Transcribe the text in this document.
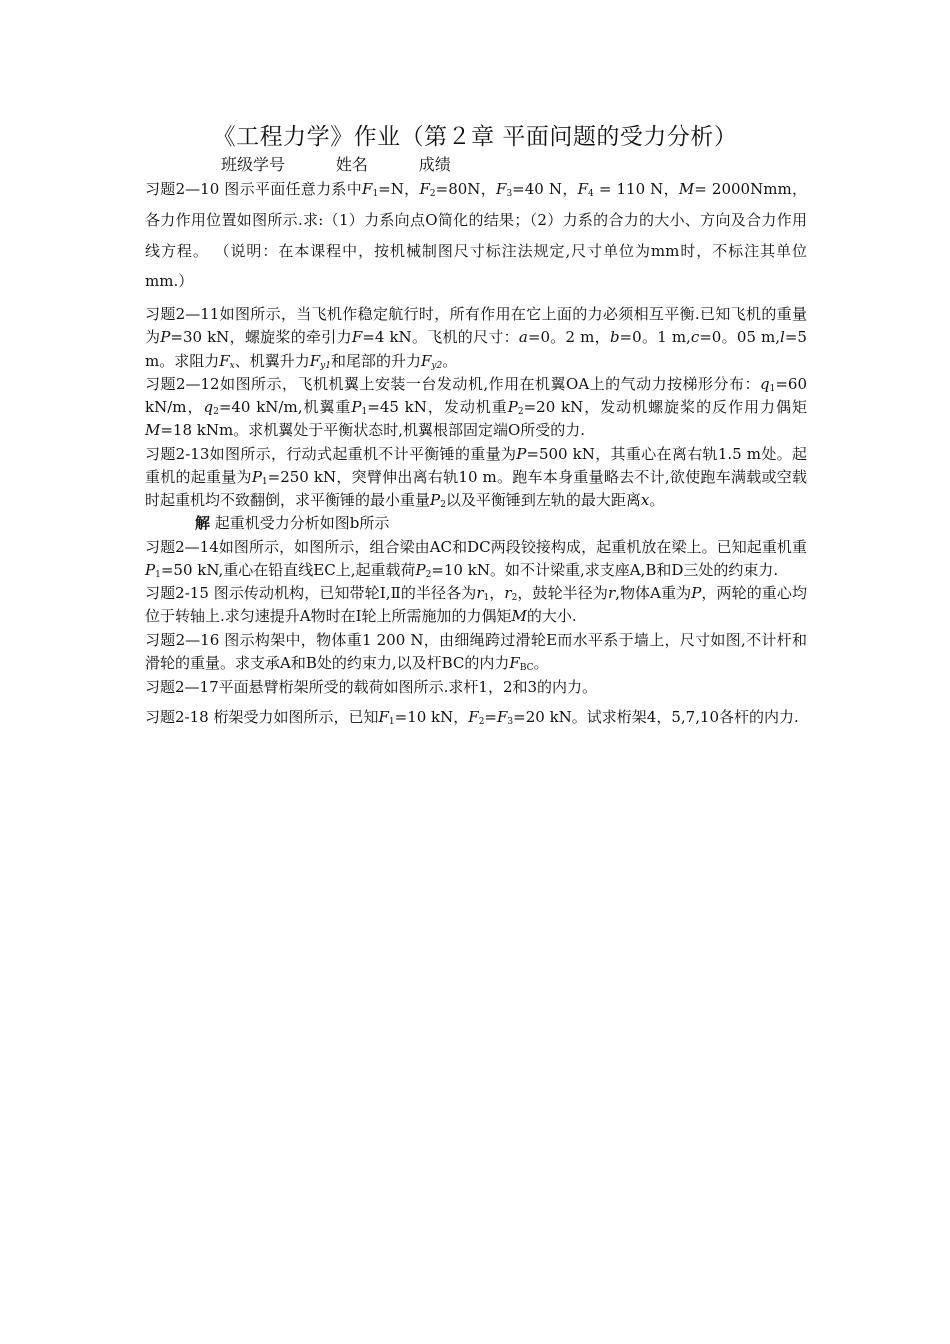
《工程力学》作业（第２章 平面问题的受力分析）
班级学号          姓名          成绩

习题2—10 图示平面任意力系中$F_1=N$，$F_2=80N$，$F_3=40$ N，$F_4 = 110$ N，M= 2000Nmm，各力作用位置如图所示.求:（1）力系向点O简化的结果；（2）力系的合力的大小、方向及合力作用线方程。 （说明：在本课程中，按机械制图尺寸标注法规定,尺寸单位为mm时，不标注其单位mm.）

习题2—11如图所示，当飞机作稳定航行时，所有作用在它上面的力必须相互平衡.已知飞机的重量为P=30 kN，螺旋桨的牵引力F=4 kN。飞机的尺寸：a=0。2 m，b=0。1 m,c=0。05 m,l=5 m。求阻力$F_x$、机翼升力$F_{y1}$和尾部的升力$F_{y2}$。

习题2—12如图所示，飞机机翼上安装一台发动机,作用在机翼OA上的气动力按梯形分布：$q_1=60$ kN/m，$q_2=40$ kN/m,机翼重$P_1=45$ kN，发动机重$P_2=20$ kN，发动机螺旋桨的反作用力偶矩M=18 kNm。求机翼处于平衡状态时,机翼根部固定端O所受的力.

习题2-13如图所示，行动式起重机不计平衡锤的重量为P=500 kN，其重心在离右轨1.5 m处。起重机的起重量为$P_1=250$ kN，突臂伸出离右轨10 m。跑车本身重量略去不计,欲使跑车满载或空载时起重机均不致翻倒，求平衡锤的最小重量$P_2$以及平衡锤到左轨的最大距离x。

解 起重机受力分析如图b所示

习题2—14如图所示，如图所示，组合梁由AC和DC两段铰接构成，起重机放在梁上。已知起重机重$P_1=50$ kN,重心在铅直线EC上,起重载荷$P_2=10$ kN。如不计梁重,求支座A,B和D三处的约束力.

习题2-15 图示传动机构，已知带轮Ⅰ,Ⅱ的半径各为$r_1$，$r_2$，鼓轮半径为r,物体A重为P，两轮的重心均位于转轴上.求匀速提升A物时在I轮上所需施加的力偶矩M的大小.

习题2—16 图示构架中，物体重1 200 N，由细绳跨过滑轮E而水平系于墙上，尺寸如图,不计杆和滑轮的重量。求支承A和B处的约束力,以及杆BC的内力$F_{BC}$。

习题2—17平面悬臂桁架所受的载荷如图所示.求杆1，2和3的内力。

习题2-18 桁架受力如图所示，已知$F_1=10$ kN，$F_2=F_3=20$ kN。试求桁架4，5,7,10各杆的内力.
